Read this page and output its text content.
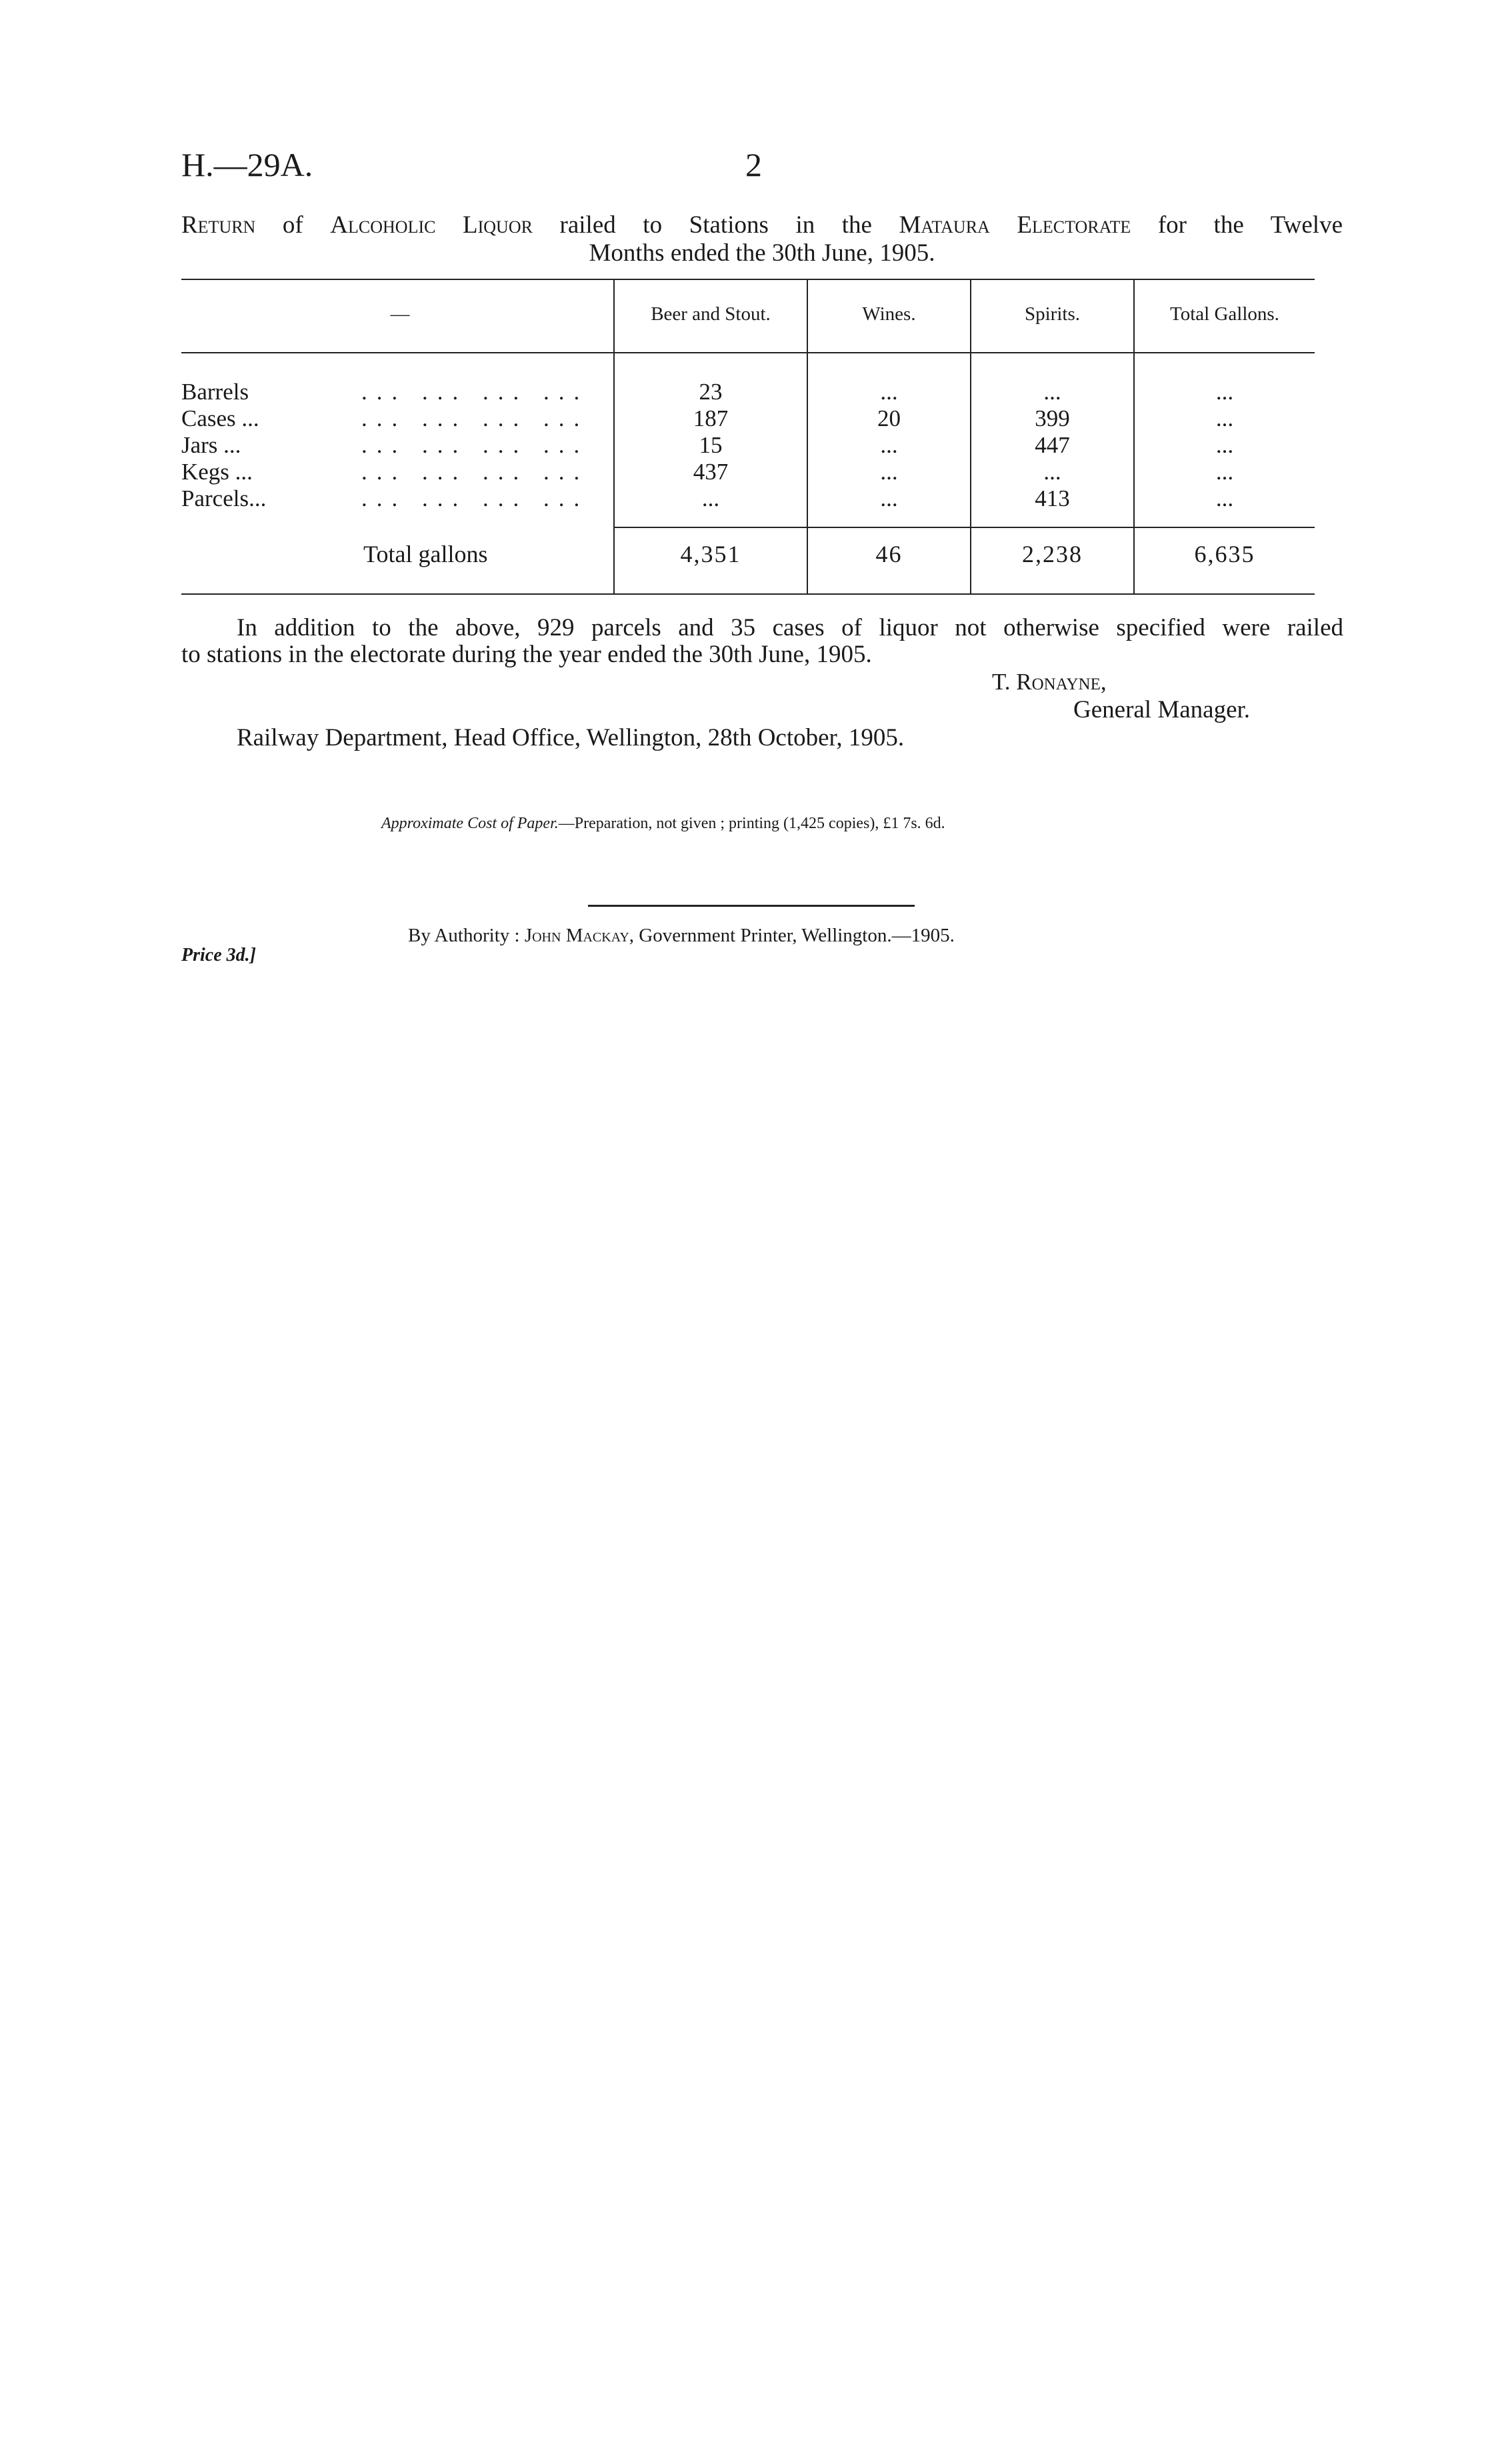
H.—29A.	2
Return of Alcoholic Liquor railed to Stations in the Mataura Electorate for the Twelve
Months ended the 30th June, 1905.
—	Beer and Stout.	Wines.	Spirits.	Total Gallons.
Barrels	... ... ... ...	23	...	...	...
Cases ...	... ... ... ...	187	20	399	...
Jars ...	... ... ... ...	15	...	447	...
Kegs ...	... ... ... ...	437	...	...	...
Parcels...	... ... ... ...	...	...	413	...
Total gallons	4,351	46	2,238	6,635
In addition to the above, 929 parcels and 35 cases of liquor not otherwise specified were railed
to stations in the electorate during the year ended the 30th June, 1905.
T. Ronayne,
General Manager.
Railway Department, Head Office, Wellington, 28th October, 1905.
Approximate Cost of Paper.—Preparation, not given ; printing (1,425 copies), £1 7s. 6d.
By Authority : John Mackay, Government Printer, Wellington.—1905.
Price 3d.]
